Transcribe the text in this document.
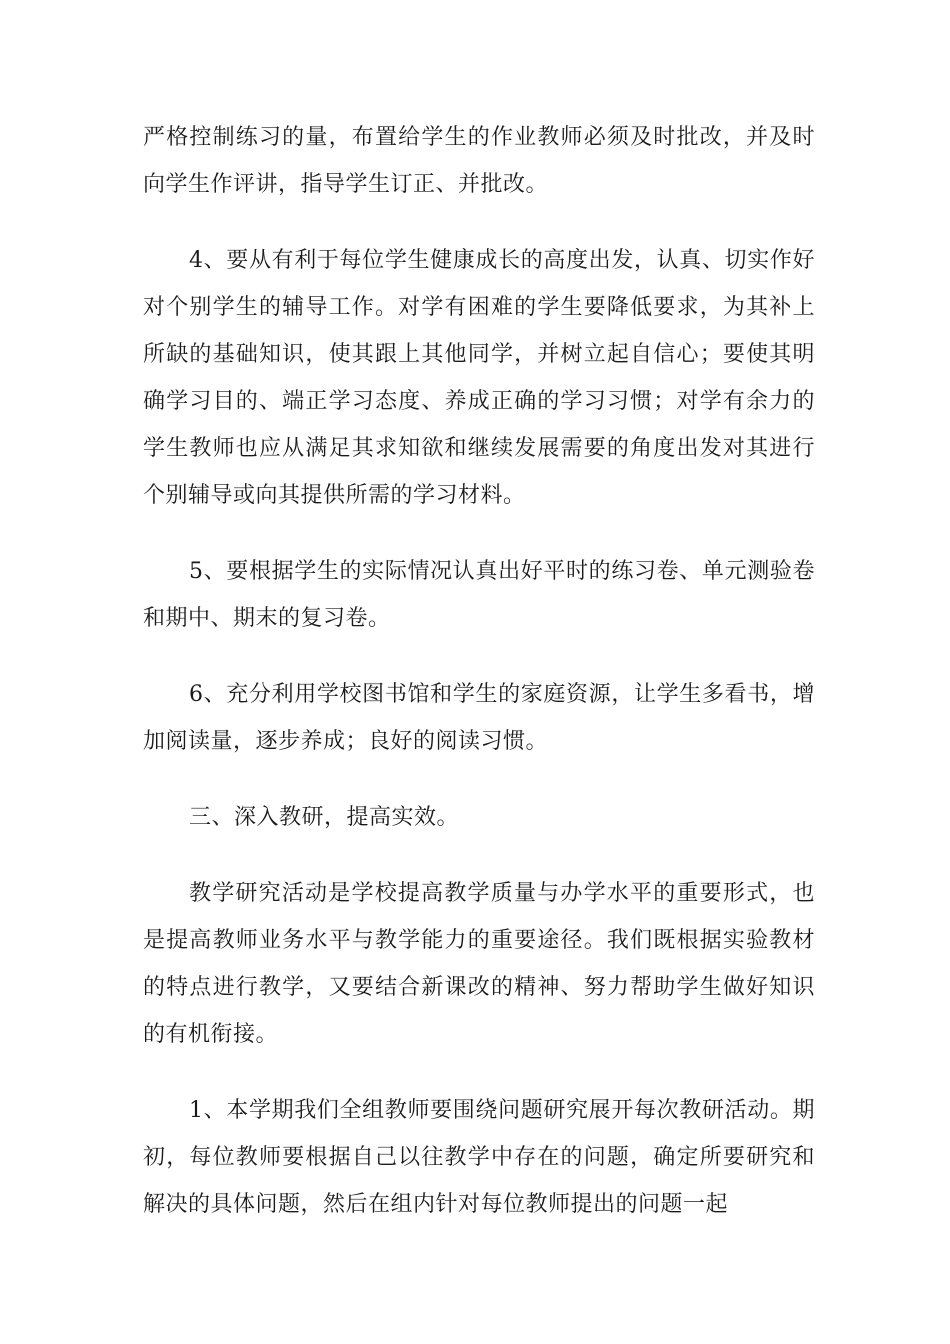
严格控制练习的量，布置给学生的作业教师必须及时批改，并及时向学生作评讲，指导学生订正、并批改。

4、要从有利于每位学生健康成长的高度出发，认真、切实作好对个别学生的辅导工作。对学有困难的学生要降低要求，为其补上所缺的基础知识，使其跟上其他同学，并树立起自信心；要使其明确学习目的、端正学习态度、养成正确的学习习惯；对学有余力的学生教师也应从满足其求知欲和继续发展需要的角度出发对其进行个别辅导或向其提供所需的学习材料。

5、要根据学生的实际情况认真出好平时的练习卷、单元测验卷和期中、期末的复习卷。

6、充分利用学校图书馆和学生的家庭资源，让学生多看书，增加阅读量，逐步养成；良好的阅读习惯。

三、深入教研，提高实效。

教学研究活动是学校提高教学质量与办学水平的重要形式，也是提高教师业务水平与教学能力的重要途径。我们既根据实验教材的特点进行教学，又要结合新课改的精神、努力帮助学生做好知识的有机衔接。

1、本学期我们全组教师要围绕问题研究展开每次教研活动。期初，每位教师要根据自己以往教学中存在的问题，确定所要研究和解决的具体问题，然后在组内针对每位教师提出的问题一起
